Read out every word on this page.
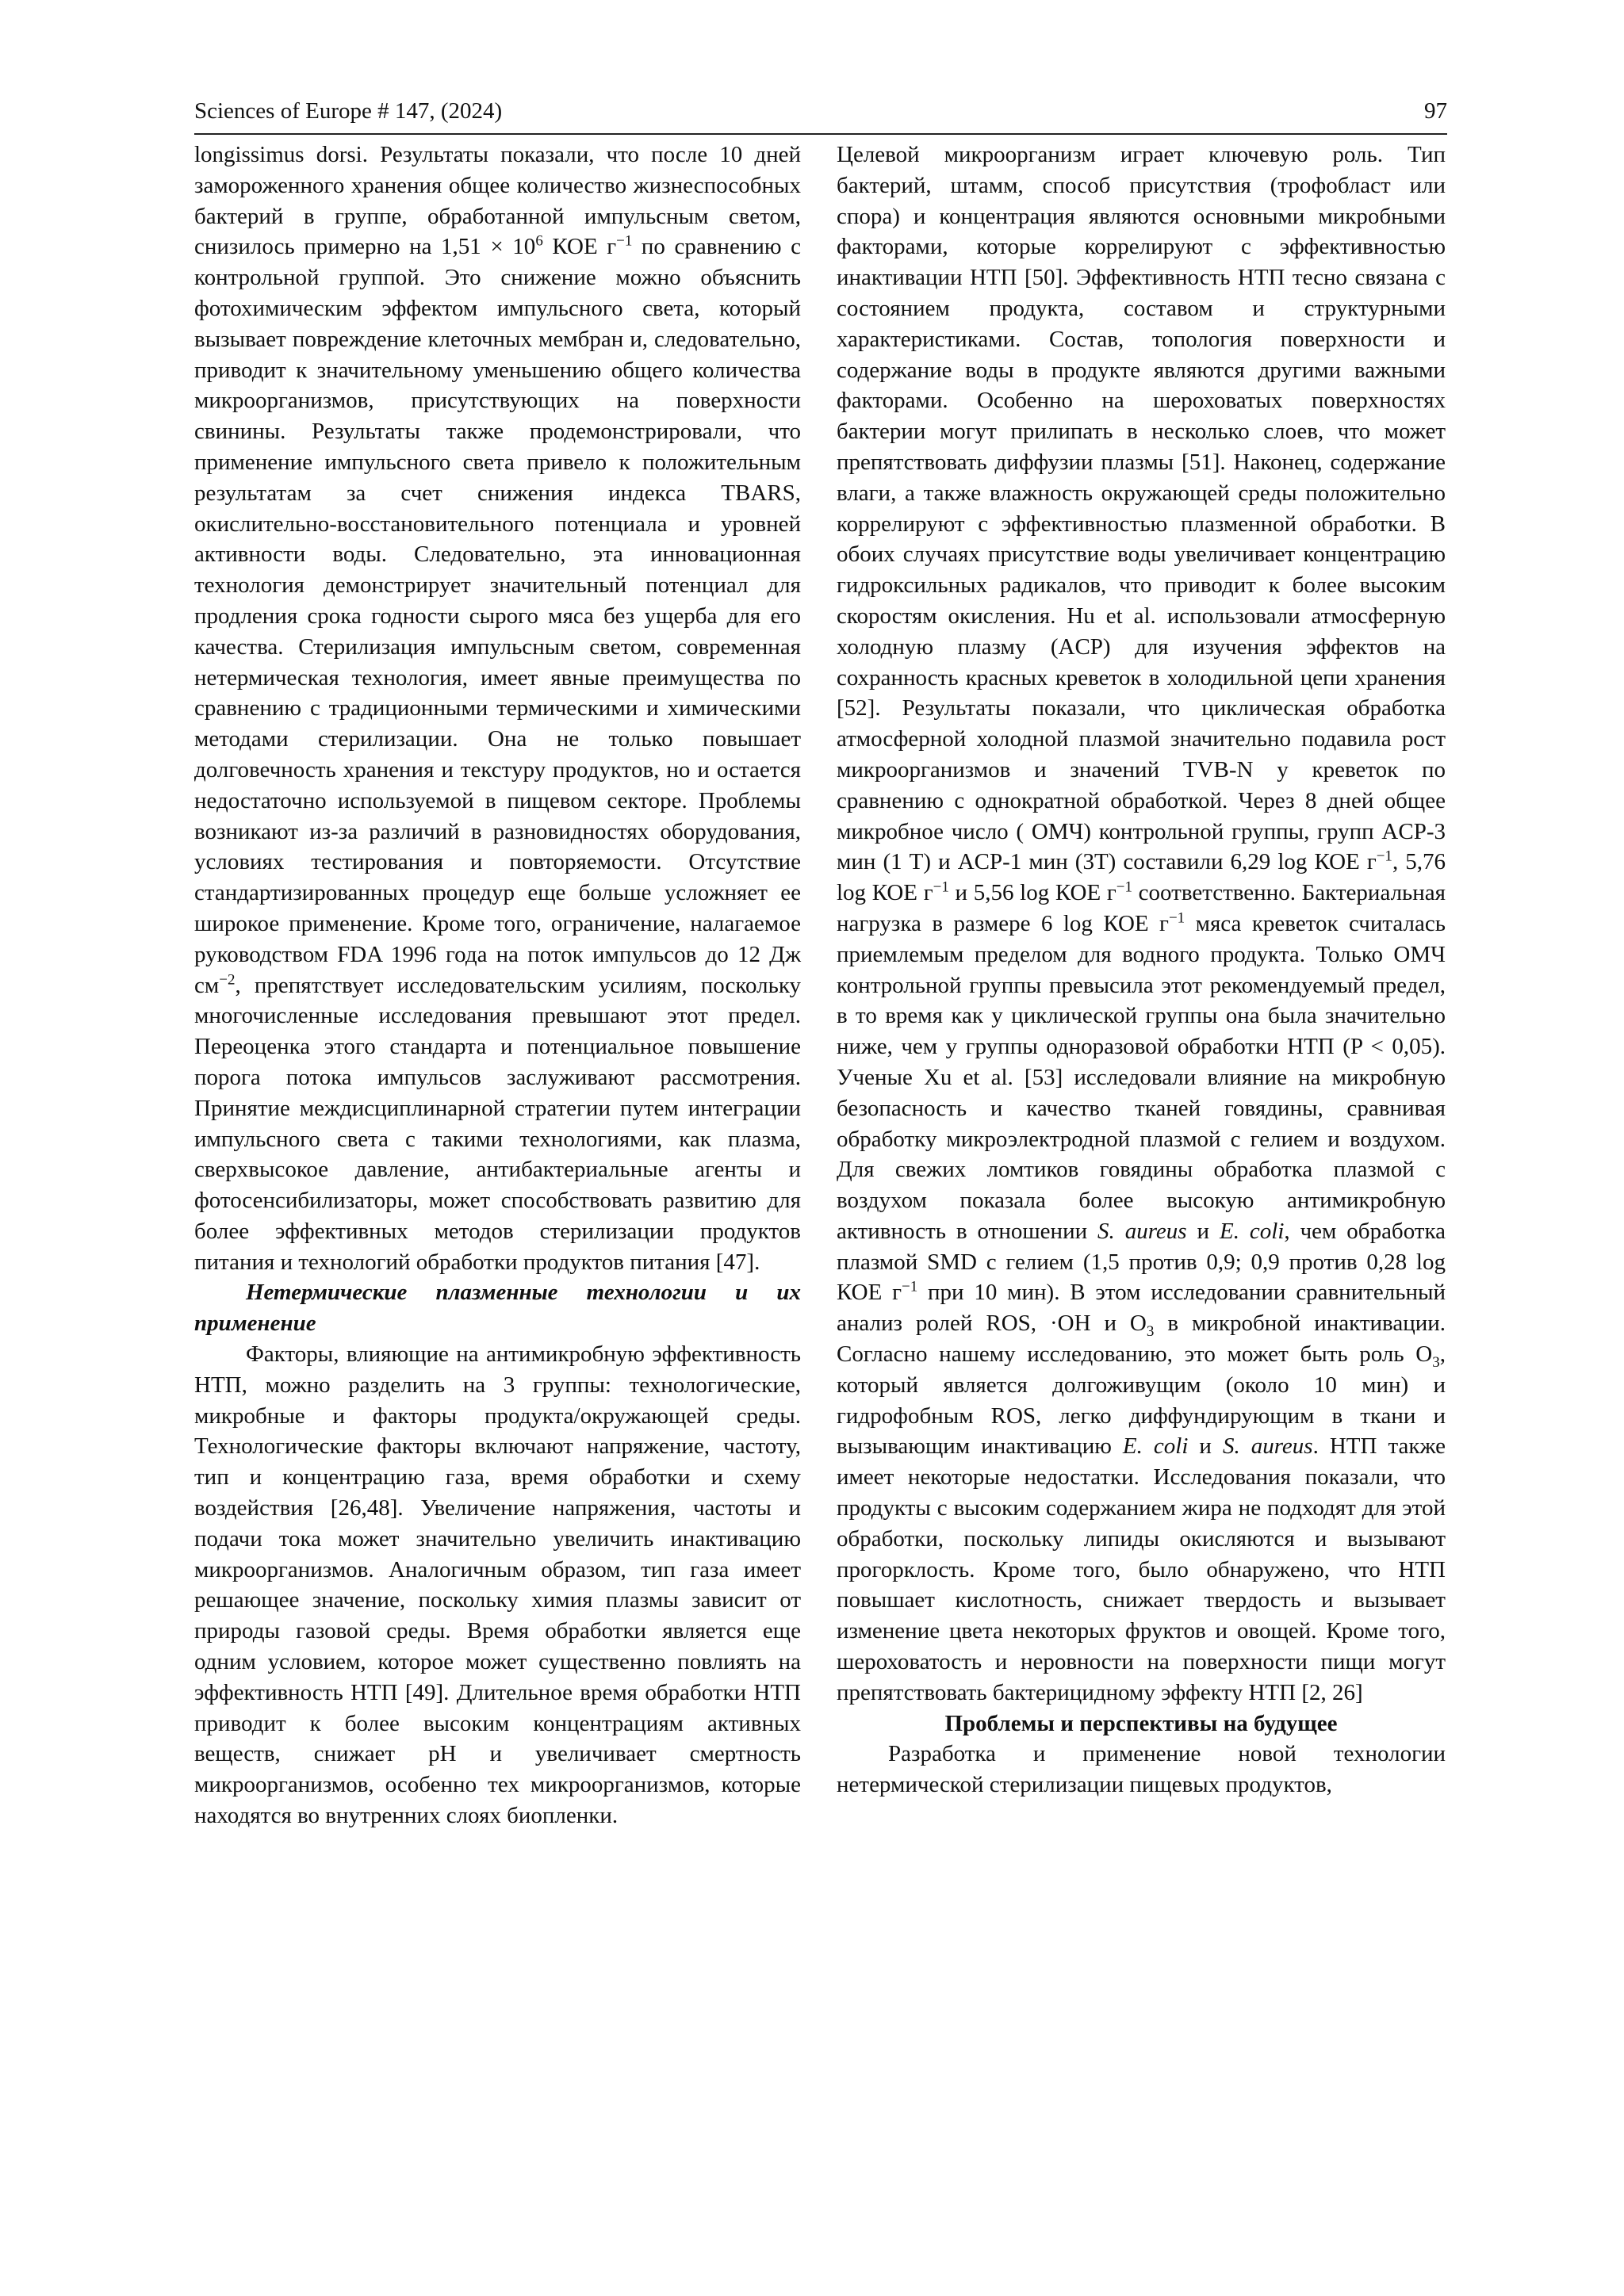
Sciences of Europe # 147, (2024)	97

longissimus dorsi. Результаты показали, что после 10 дней замороженного хранения общее количество жизнеспособных бактерий в группе, обработанной импульсным светом, снизилось примерно на $1,51 \times 10^6$ КОЕ $г^{-1}$ по сравнению с контрольной группой. Это снижение можно объяснить фотохимическим эффектом импульсного света, который вызывает повреждение клеточных мембран и, следовательно, приводит к значительному уменьшению общего количества микроорганизмов, присутствующих на поверхности свинины. Результаты также продемонстрировали, что применение импульсного света привело к положительным результатам за счет снижения индекса TBARS, окислительно-восстановительного потенциала и уровней активности воды. Следовательно, эта инновационная технология демонстрирует значительный потенциал для продления срока годности сырого мяса без ущерба для его качества. Стерилизация импульсным светом, современная нетермическая технология, имеет явные преимущества по сравнению с традиционными термическими и химическими методами стерилизации. Она не только повышает долговечность хранения и текстуру продуктов, но и остается недостаточно используемой в пищевом секторе. Проблемы возникают из-за различий в разновидностях оборудования, условиях тестирования и повторяемости. Отсутствие стандартизированных процедур еще больше усложняет ее широкое применение. Кроме того, ограничение, налагаемое руководством FDA 1996 года на поток импульсов до 12 Дж $см^{-2}$, препятствует исследовательским усилиям, поскольку многочисленные исследования превышают этот предел. Переоценка этого стандарта и потенциальное повышение порога потока импульсов заслуживают рассмотрения. Принятие междисциплинарной стратегии путем интеграции импульсного света с такими технологиями, как плазма, сверхвысокое давление, антибактериальные агенты и фотосенсибилизаторы, может способствовать развитию для более эффективных методов стерилизации продуктов питания и технологий обработки продуктов питания [47].

Нетермические плазменные технологии и их применение

Факторы, влияющие на антимикробную эффективность НТП, можно разделить на 3 группы: технологические, микробные и факторы продукта/окружающей среды. Технологические факторы включают напряжение, частоту, тип и концентрацию газа, время обработки и схему воздействия [26,48]. Увеличение напряжения, частоты и подачи тока может значительно увеличить инактивацию микроорганизмов. Аналогичным образом, тип газа имеет решающее значение, поскольку химия плазмы зависит от природы газовой среды. Время обработки является еще одним условием, которое может существенно повлиять на эффективность НТП [49]. Длительное время обработки НТП приводит к более высоким концентрациям активных веществ, снижает pH и увеличивает смертность микроорганизмов, особенно тех микроорганизмов, которые находятся во внутренних слоях биопленки.

Целевой микроорганизм играет ключевую роль. Тип бактерий, штамм, способ присутствия (трофобласт или спора) и концентрация являются основными микробными факторами, которые коррелируют с эффективностью инактивации НТП [50]. Эффективность НТП тесно связана с состоянием продукта, составом и структурными характеристиками. Состав, топология поверхности и содержание воды в продукте являются другими важными факторами. Особенно на шероховатых поверхностях бактерии могут прилипать в несколько слоев, что может препятствовать диффузии плазмы [51]. Наконец, содержание влаги, а также влажность окружающей среды положительно коррелируют с эффективностью плазменной обработки. В обоих случаях присутствие воды увеличивает концентрацию гидроксильных радикалов, что приводит к более высоким скоростям окисления. Hu et al. использовали атмосферную холодную плазму (ACP) для изучения эффектов на сохранность красных креветок в холодильной цепи хранения [52]. Результаты показали, что циклическая обработка атмосферной холодной плазмой значительно подавила рост микроорганизмов и значений TVB-N у креветок по сравнению с однократной обработкой. Через 8 дней общее микробное число ( ОМЧ) контрольной группы, групп ACP-3 мин (1 T) и ACP-1 мин (3T) составили 6,29 log КОЕ $г^{-1}$, 5,76 log КОЕ $г^{-1}$ и 5,56 log КОЕ $г^{-1}$ соответственно. Бактериальная нагрузка в размере 6 log КОЕ $г^{-1}$ мяса креветок считалась приемлемым пределом для водного продукта. Только ОМЧ контрольной группы превысила этот рекомендуемый предел, в то время как у циклической группы она была значительно ниже, чем у группы одноразовой обработки НТП (P < 0,05). Ученые Xu et al. [53] исследовали влияние на микробную безопасность и качество тканей говядины, сравнивая обработку микроэлектродной плазмой с гелием и воздухом. Для свежих ломтиков говядины обработка плазмой с воздухом показала более высокую антимикробную активность в отношении S. aureus и E. coli, чем обработка плазмой SMD с гелием (1,5 против 0,9; 0,9 против 0,28 log КОЕ $г^{-1}$ при 10 мин). В этом исследовании сравнительный анализ ролей ROS, ·OH и $O_3$ в микробной инактивации. Согласно нашему исследованию, это может быть роль $O_3$, который является долгоживущим (около 10 мин) и гидрофобным ROS, легко диффундирующим в ткани и вызывающим инактивацию E. coli и S. aureus. НТП также имеет некоторые недостатки. Исследования показали, что продукты с высоким содержанием жира не подходят для этой обработки, поскольку липиды окисляются и вызывают прогорклость. Кроме того, было обнаружено, что НТП повышает кислотность, снижает твердость и вызывает изменение цвета некоторых фруктов и овощей. Кроме того, шероховатость и неровности на поверхности пищи могут препятствовать бактерицидному эффекту НТП [2, 26]

Проблемы и перспективы на будущее

Разработка и применение новой технологии нетермической стерилизации пищевых продуктов,
